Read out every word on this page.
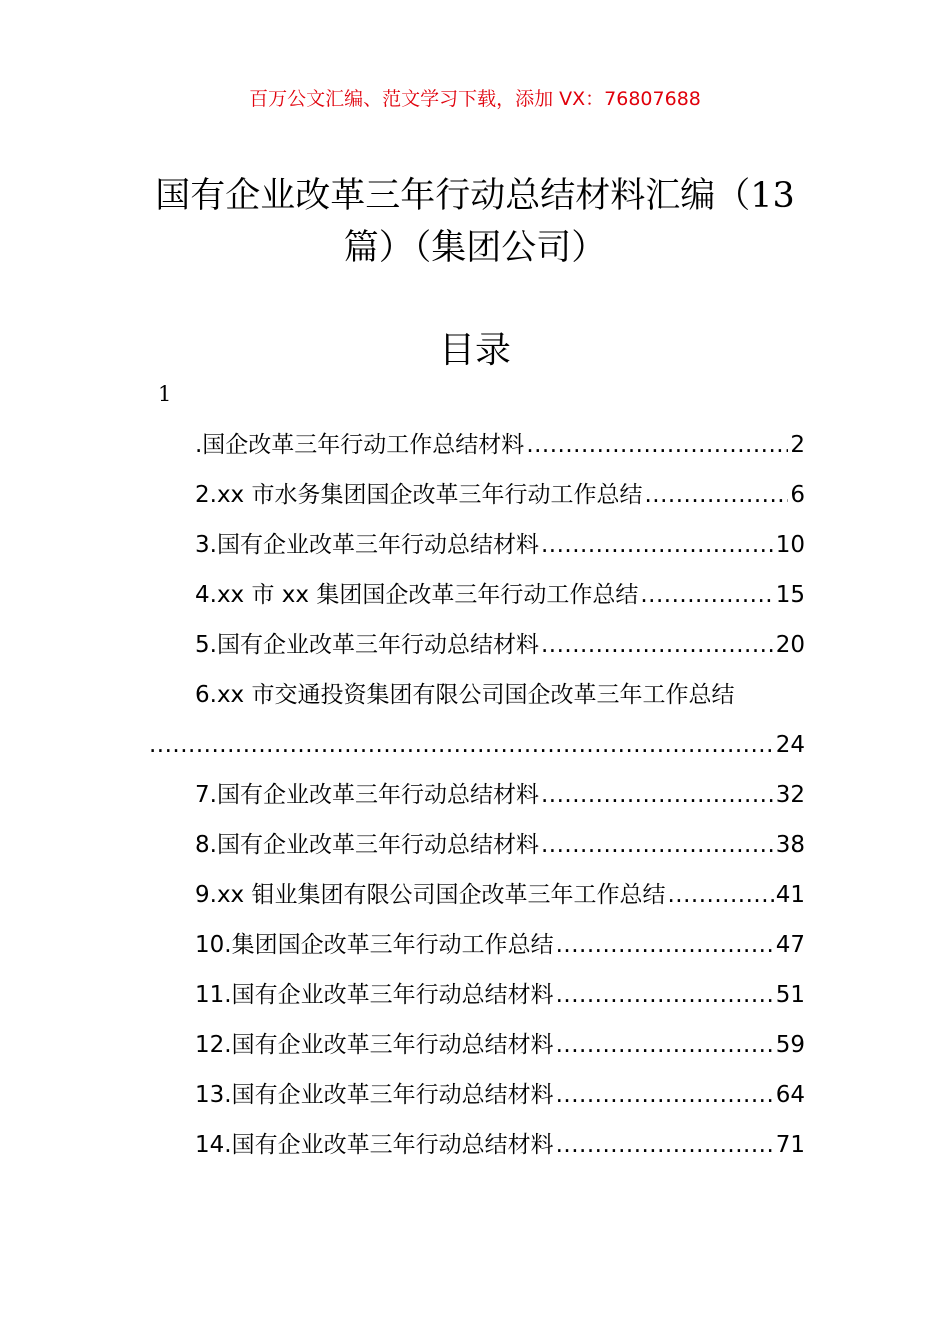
百万公文汇编、范文学习下载，添加 VX：76807688
国有企业改革三年行动总结材料汇编（13
篇）（集团公司）
目录
1
.国企改革三年行动工作总结材料 .....	2
2.xx 市水务集团国企改革三年行动工作总结 .....	6
3.国有企业改革三年行动总结材料 .....	10
4.xx 市 xx 集团国企改革三年行动工作总结 .....	15
5.国有企业改革三年行动总结材料 .....	20
6.xx 市交通投资集团有限公司国企改革三年工作总结
.....
24
7.国有企业改革三年行动总结材料 .....	32
8.国有企业改革三年行动总结材料 .....	38
9.xx 钼业集团有限公司国企改革三年工作总结 .....	41
10.集团国企改革三年行动工作总结 .....	47
11.国有企业改革三年行动总结材料 .....	51
12.国有企业改革三年行动总结材料 .....	59
13.国有企业改革三年行动总结材料 .....	64
14.国有企业改革三年行动总结材料 .....	71
